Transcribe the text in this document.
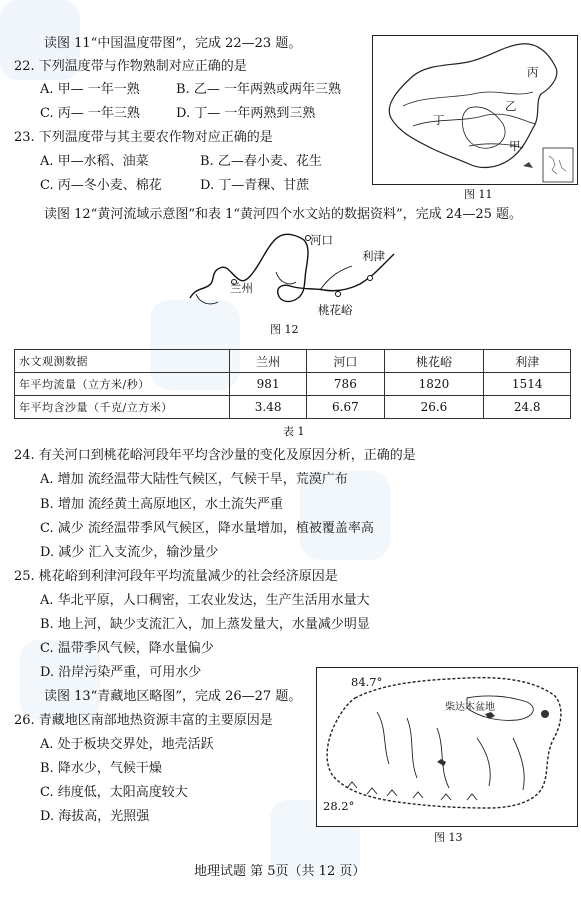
读图 11“中国温度带图”，完成 22—23 题。
22. 下列温度带与作物熟制对应正确的是
A. 甲— 一年一熟	B. 乙— 一年两熟或两年三熟
C. 丙— 一年三熟	D. 丁— 一年两熟到三熟
23. 下列温度带与其主要农作物对应正确的是
A. 甲—水稻、油菜	B. 乙—春小麦、花生
C. 丙—冬小麦、棉花	D. 丁—青稞、甘蔗
丙
乙
丁
甲
图 11
读图 12“黄河流域示意图”和表 1“黄河四个水文站的数据资料”，完成 24—25 题。
河口
利津
兰州
桃花峪
图 12
水文观测数据	兰州	河口	桃花峪	利津
年平均流量（立方米/秒）	981	786	1820	1514
年平均含沙量（千克/立方米）	3.48	6.67	26.6	24.8
表 1
24. 有关河口到桃花峪河段年平均含沙量的变化及原因分析，正确的是
A. 增加 流经温带大陆性气候区，气候干旱，荒漠广布
B. 增加 流经黄土高原地区，水土流失严重
C. 减少 流经温带季风气候区，降水量增加，植被覆盖率高
D. 减少 汇入支流少，输沙量少
25. 桃花峪到利津河段年平均流量减少的社会经济原因是
A. 华北平原，人口稠密，工农业发达，生产生活用水量大
B. 地上河，缺少支流汇入，加上蒸发量大，水量减少明显
C. 温带季风气候，降水量偏少
D. 沿岸污染严重，可用水少
读图 13“青藏地区略图”，完成 26—27 题。
84.7°
28.2°
柴达木盆地
图 13
26. 青藏地区南部地热资源丰富的主要原因是
A. 处于板块交界处，地壳活跃
B. 降水少，气候干燥
C. 纬度低，太阳高度较大
D. 海拔高，光照强
地理试题 第 5页（共 12 页）
